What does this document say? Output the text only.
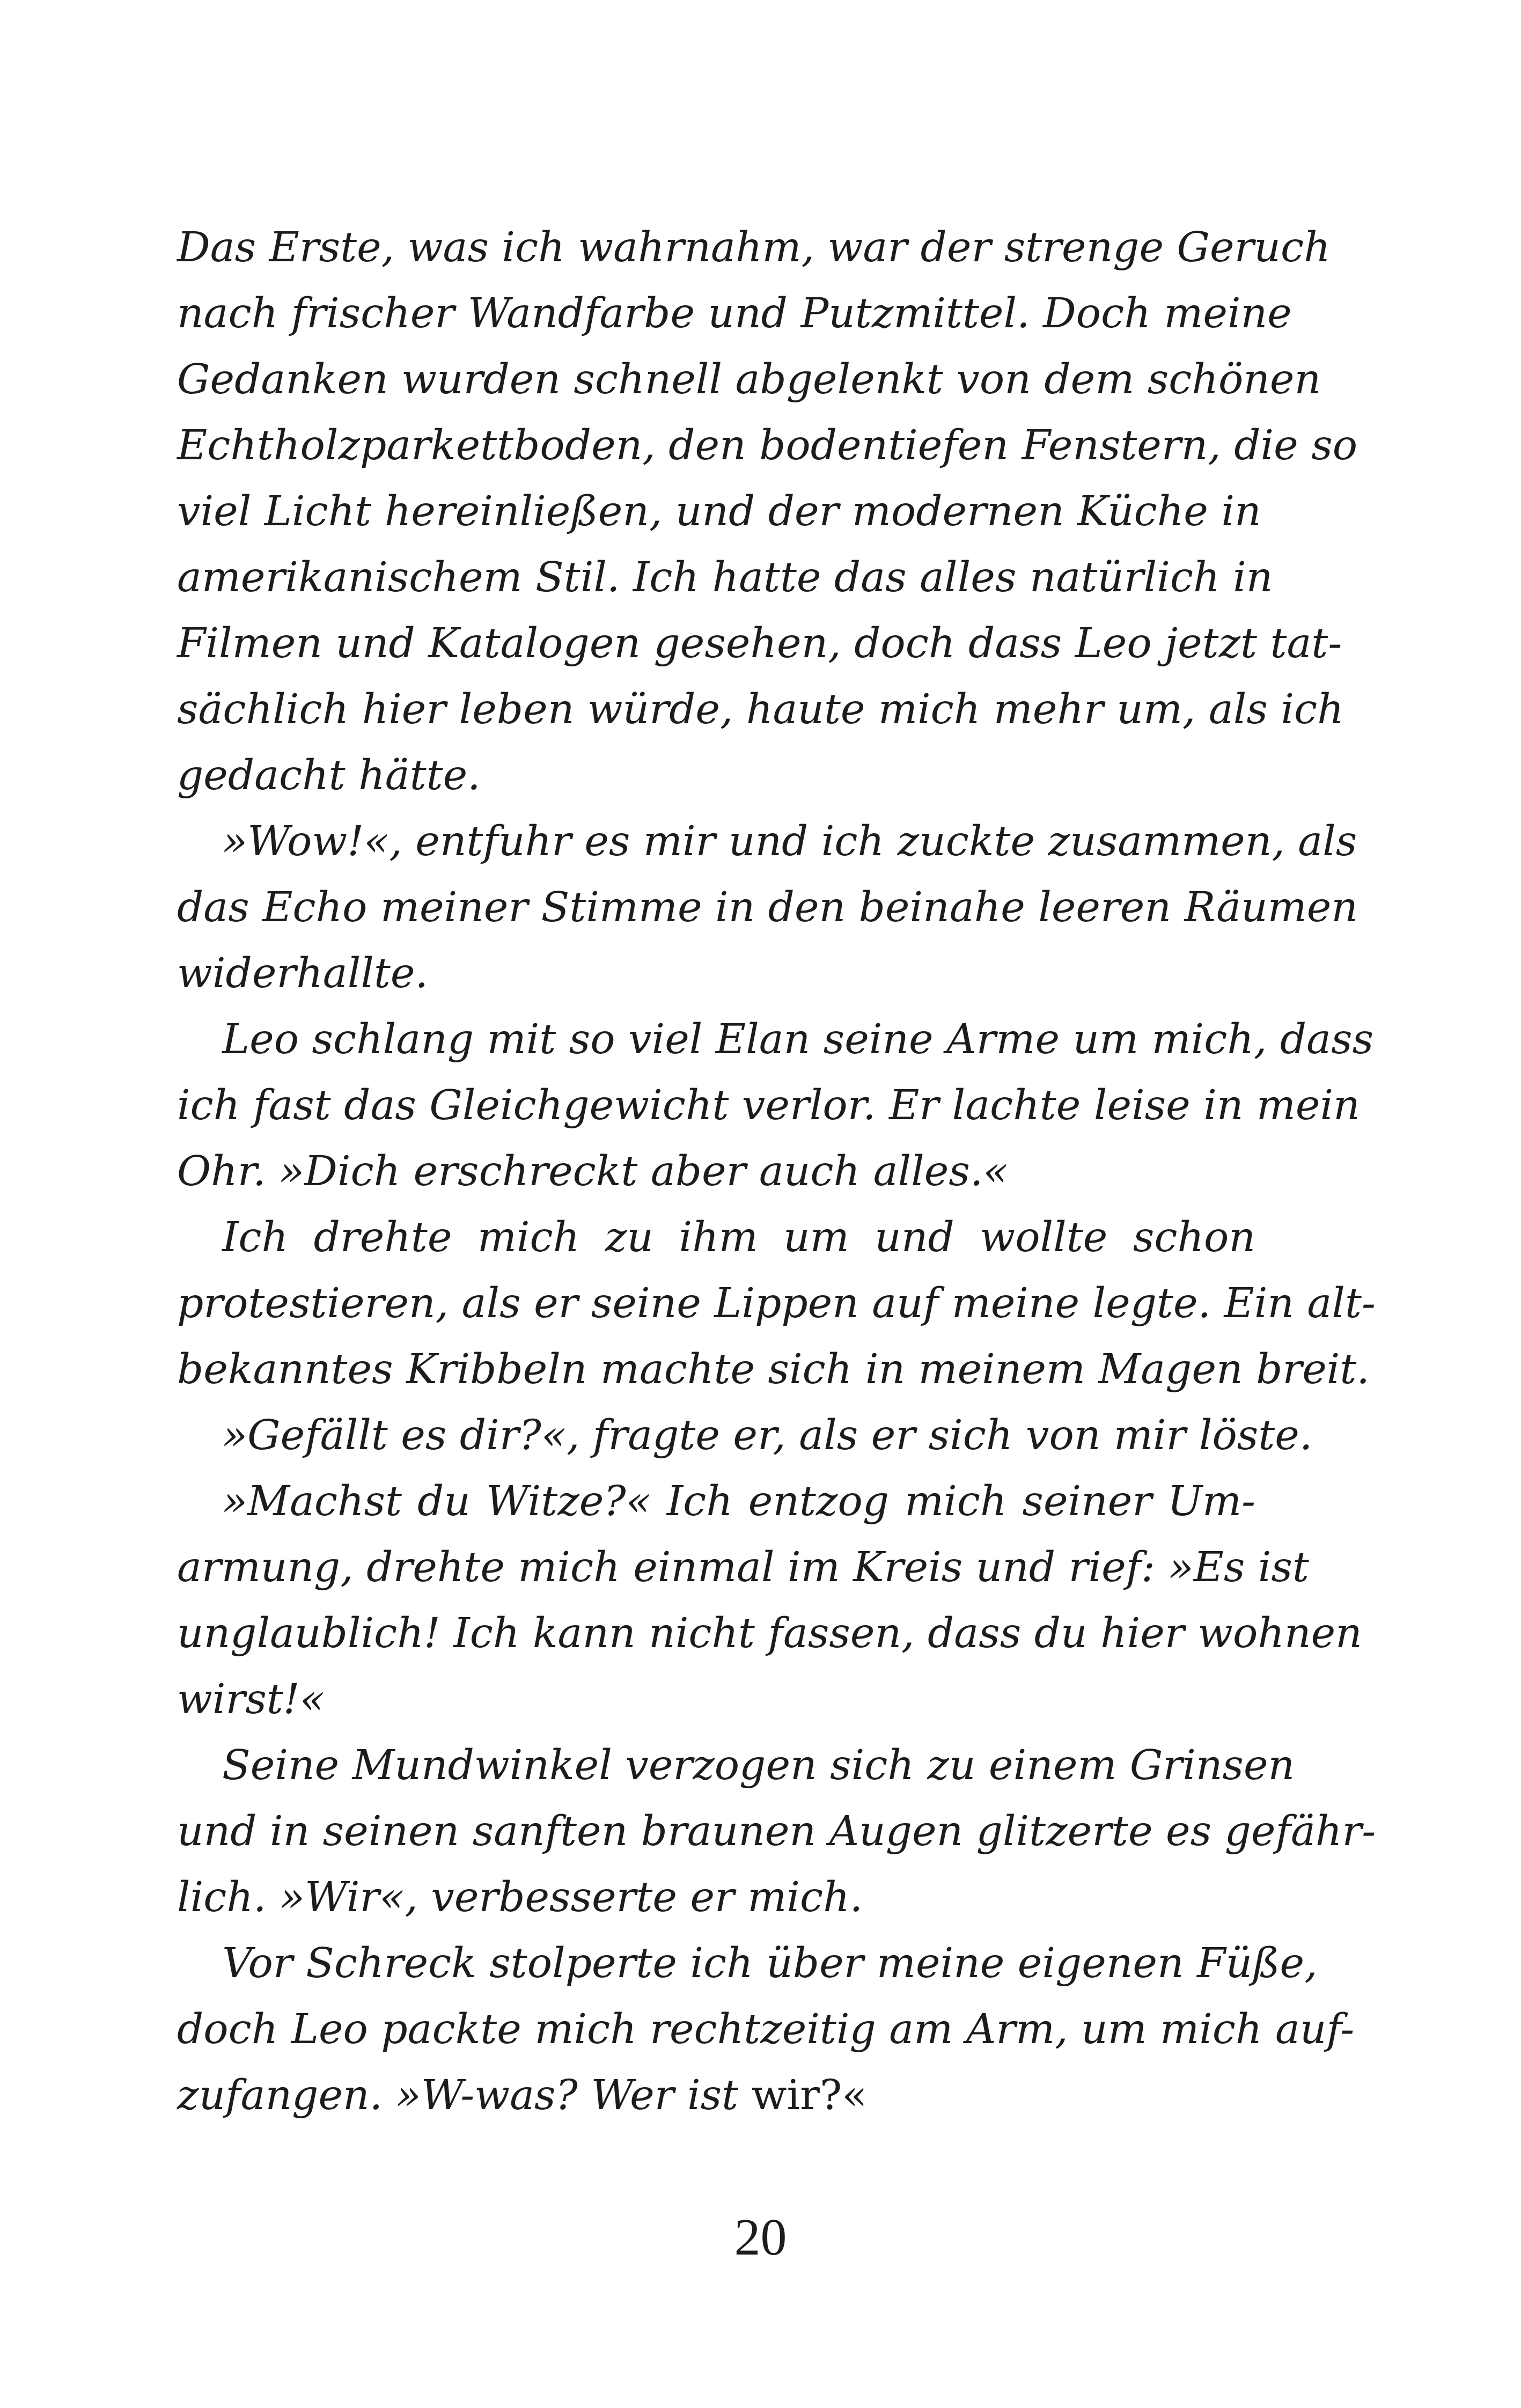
Das Erste, was ich wahrnahm, war der strenge Geruch
nach frischer Wandfarbe und Putzmittel. Doch meine
Gedanken wurden schnell abgelenkt von dem schönen
Echtholzparkettboden, den bodentiefen Fenstern, die so
viel Licht hereinließen, und der modernen Küche in
amerikanischem Stil. Ich hatte das alles natürlich in
Filmen und Katalogen gesehen, doch dass Leo jetzt tat-
sächlich hier leben würde, haute mich mehr um, als ich
gedacht hätte.
»Wow!«, entfuhr es mir und ich zuckte zusammen, als
das Echo meiner Stimme in den beinahe leeren Räumen
widerhallte.
Leo schlang mit so viel Elan seine Arme um mich, dass
ich fast das Gleichgewicht verlor. Er lachte leise in mein
Ohr. »Dich erschreckt aber auch alles.«
Ich drehte mich zu ihm um und wollte schon
protestieren, als er seine Lippen auf meine legte. Ein alt-
bekanntes Kribbeln machte sich in meinem Magen breit.
»Gefällt es dir?«, fragte er, als er sich von mir löste.
»Machst du Witze?« Ich entzog mich seiner Um-
armung, drehte mich einmal im Kreis und rief: »Es ist
unglaublich! Ich kann nicht fassen, dass du hier wohnen
wirst!«
Seine Mundwinkel verzogen sich zu einem Grinsen
und in seinen sanften braunen Augen glitzerte es gefähr-
lich. »Wir«, verbesserte er mich.
Vor Schreck stolperte ich über meine eigenen Füße,
doch Leo packte mich rechtzeitig am Arm, um mich auf-
zufangen. »W-was? Wer ist wir?«
20
